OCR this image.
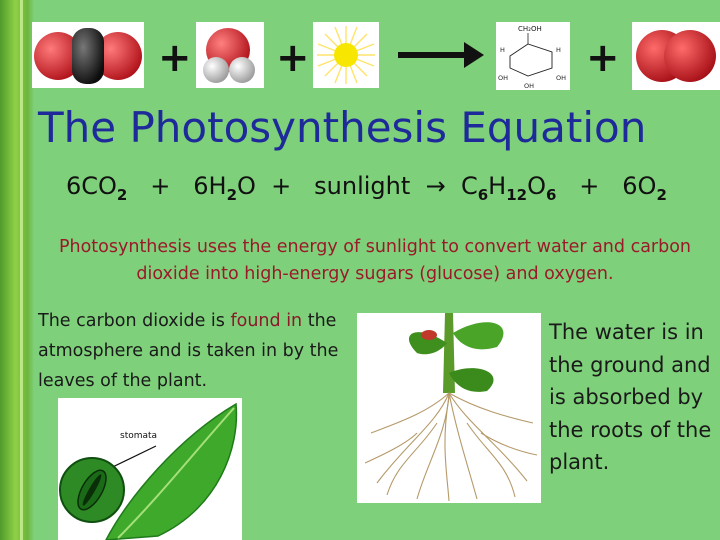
+ +
CH₂OH
H	H
OH	OH
OH
+
The Photosynthesis Equation
$6CO_2 + 6H_2O$ + sunlight → $C_6H_{12}O_6 + 6O_2$
Photosynthesis uses the energy of sunlight to convert water and carbon dioxide into high-energy sugars (glucose) and oxygen.
The carbon dioxide is found in the atmosphere and is taken in by the leaves of the plant.
stomata
The water is in the ground and is absorbed by the roots of the plant.
